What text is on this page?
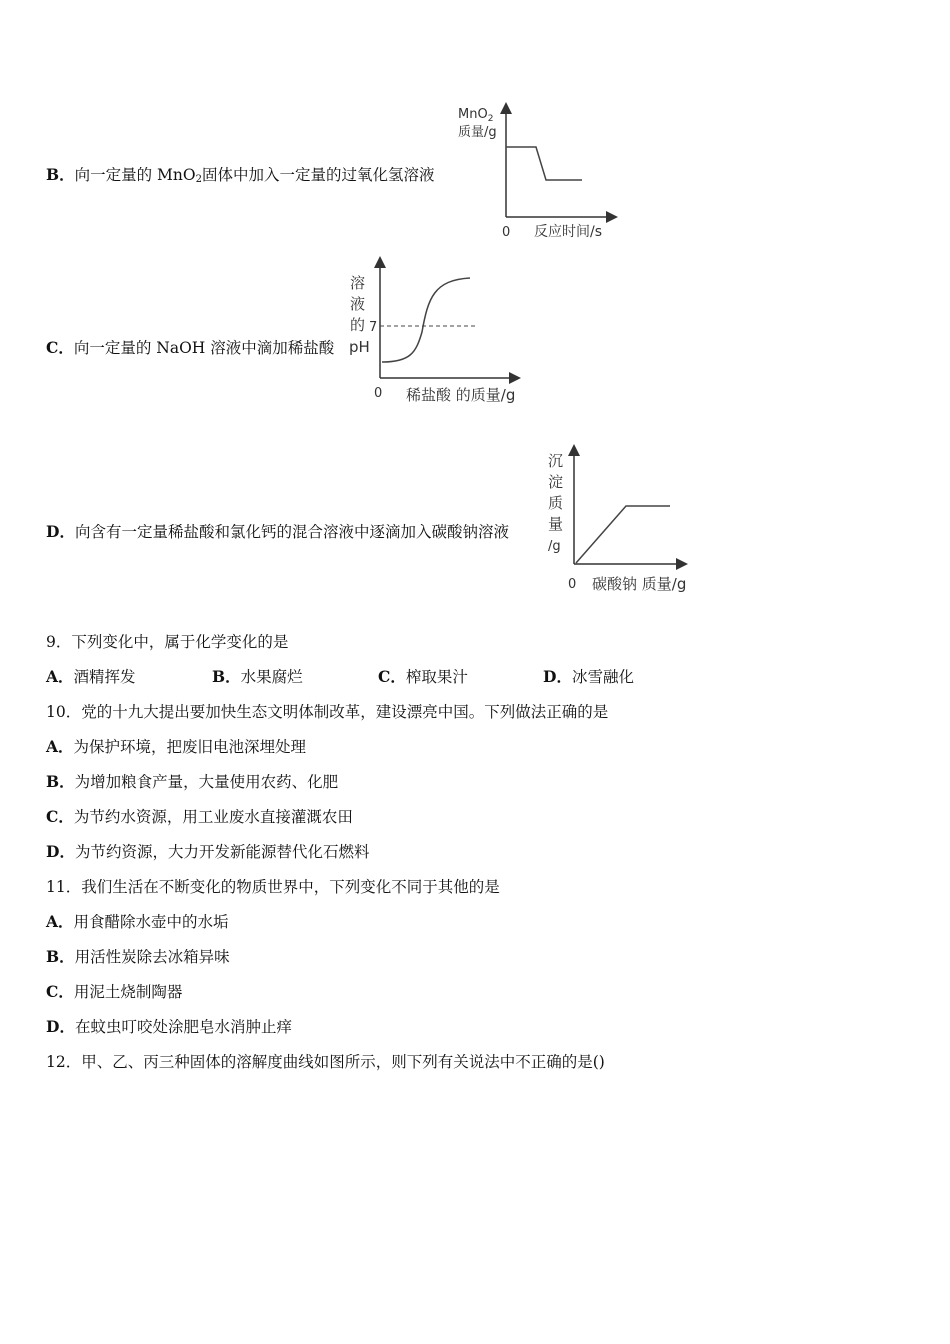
B．向一定量的 MnO$_2$固体中加入一定量的过氧化氢溶液
MnO$_2$
质量/g
0 反应时间/s
C．向一定量的 NaOH 溶液中滴加稀盐酸
溶
液
的
pH
7
0 稀盐酸 的质量/g
D．向含有一定量稀盐酸和氯化钙的混合溶液中逐滴加入碳酸钠溶液
沉
淀
质
量
/g
0 碳酸钠 质量/g
9．下列变化中，属于化学变化的是
A．酒精挥发	B．水果腐烂	C．榨取果汁	D．冰雪融化
10．党的十九大提出要加快生态文明体制改革，建设漂亮中国。下列做法正确的是
A．为保护环境，把废旧电池深埋处理
B．为增加粮食产量，大量使用农药、化肥
C．为节约水资源，用工业废水直接灌溉农田
D．为节约资源，大力开发新能源替代化石燃料
11．我们生活在不断变化的物质世界中，下列变化不同于其他的是
A．用食醋除水壶中的水垢
B．用活性炭除去冰箱异味
C．用泥土烧制陶器
D．在蚊虫叮咬处涂肥皂水消肿止痒
12．甲、乙、丙三种固体的溶解度曲线如图所示，则下列有关说法中不正确的是()
